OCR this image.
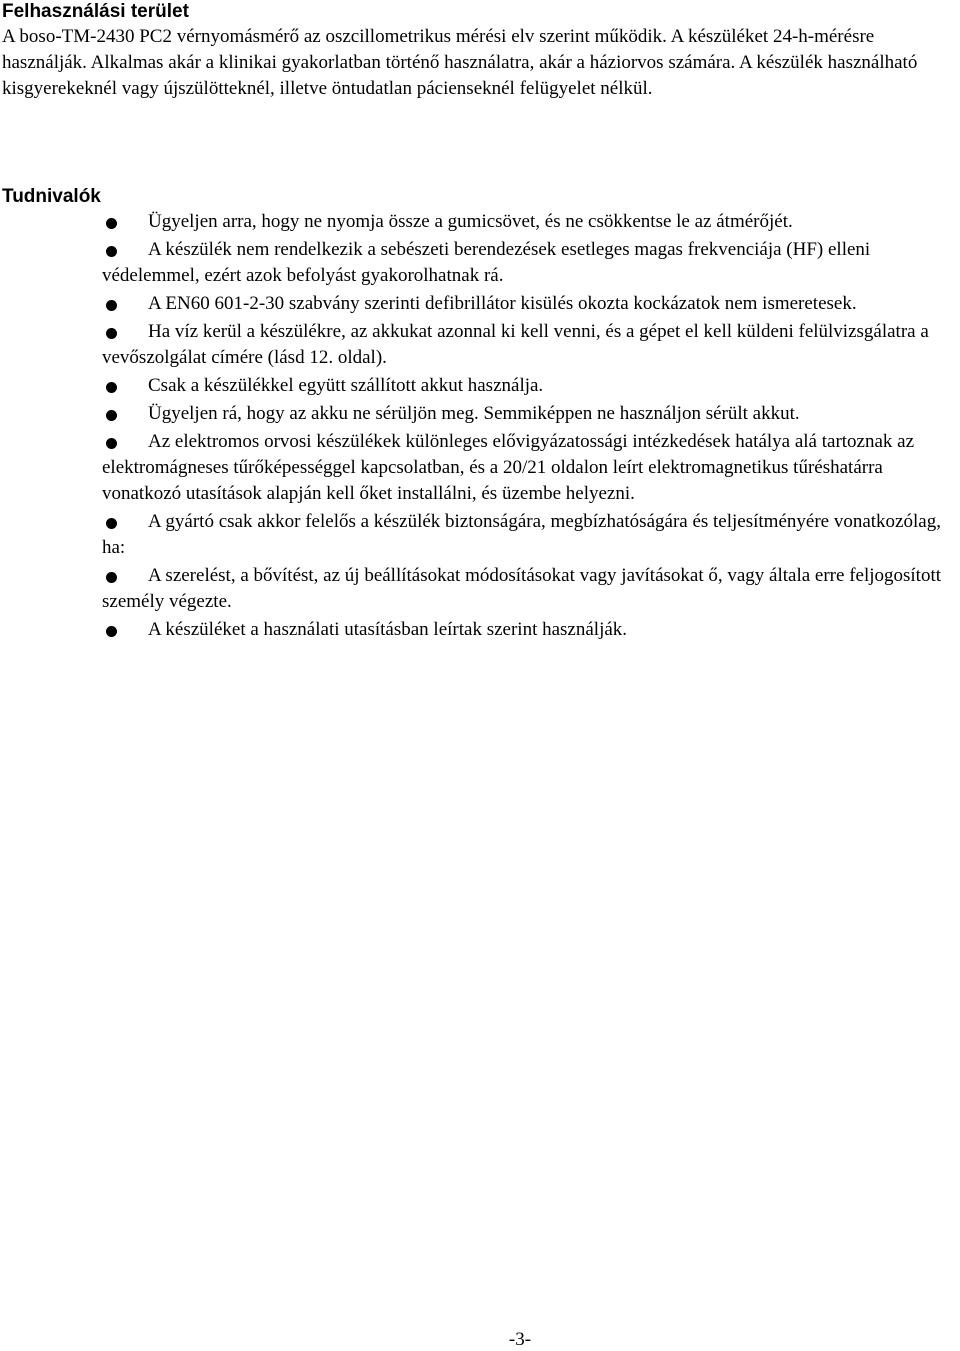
Felhasználási terület

A boso-TM-2430 PC2 vérnyomásmérő az oszcillometrikus mérési elv szerint működik. A készüléket 24-h-mérésre használják. Alkalmas akár a klinikai gyakorlatban történő használatra, akár a háziorvos számára. A készülék használható kisgyerekeknél vagy újszülötteknél, illetve öntudatlan pácienseknél felügyelet nélkül.

Tudnivalók
Ügyeljen arra, hogy ne nyomja össze a gumicsövet, és ne csökkentse le az átmérőjét.
A készülék nem rendelkezik a sebészeti berendezések esetleges magas frekvenciája (HF) elleni védelemmel, ezért azok befolyást gyakorolhatnak rá.
A EN60 601-2-30 szabvány szerinti defibrillátor kisülés okozta kockázatok nem ismeretesek.
Ha víz kerül a készülékre, az akkukat azonnal ki kell venni, és a gépet el kell küldeni felülvizsgálatra a vevőszolgálat címére (lásd 12. oldal).
Csak a készülékkel együtt szállított akkut használja.
Ügyeljen rá, hogy az akku ne sérüljön meg. Semmiképpen ne használjon sérült akkut.
Az elektromos orvosi készülékek különleges elővigyázatossági intézkedések hatálya alá tartoznak az elektromágneses tűrőképességgel kapcsolatban, és a 20/21 oldalon leírt elektromagnetikus tűréshatárra vonatkozó utasítások alapján kell őket installálni, és üzembe helyezni.
A gyártó csak akkor felelős a készülék biztonságára, megbízhatóságára és teljesítményére vonatkozólag, ha:
A szerelést, a bővítést, az új beállításokat módosításokat vagy javításokat ő, vagy általa erre feljogosított személy végezte.
A készüléket a használati utasításban leírtak szerint használják.

-3-
